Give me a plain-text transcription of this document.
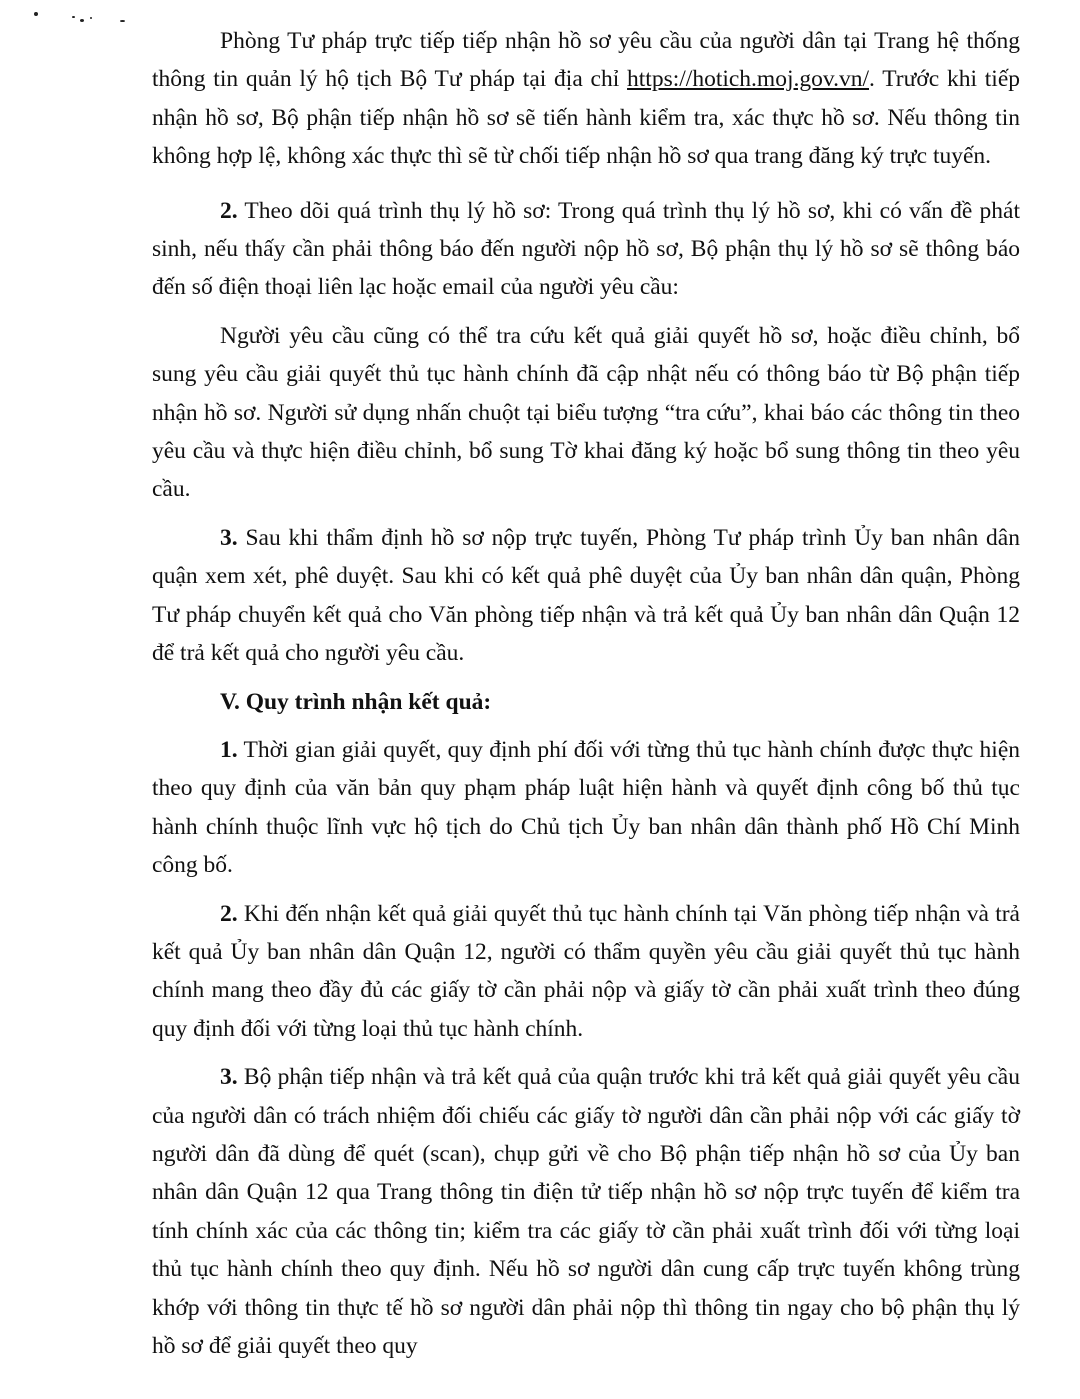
Phòng Tư pháp trực tiếp tiếp nhận hồ sơ yêu cầu của người dân tại Trang hệ thống thông tin quản lý hộ tịch Bộ Tư pháp tại địa chỉ https://hotich.moj.gov.vn/. Trước khi tiếp nhận hồ sơ, Bộ phận tiếp nhận hồ sơ sẽ tiến hành kiểm tra, xác thực hồ sơ. Nếu thông tin không hợp lệ, không xác thực thì sẽ từ chối tiếp nhận hồ sơ qua trang đăng ký trực tuyến.

2. Theo dõi quá trình thụ lý hồ sơ: Trong quá trình thụ lý hồ sơ, khi có vấn đề phát sinh, nếu thấy cần phải thông báo đến người nộp hồ sơ, Bộ phận thụ lý hồ sơ sẽ thông báo đến số điện thoại liên lạc hoặc email của người yêu cầu:

Người yêu cầu cũng có thể tra cứu kết quả giải quyết hồ sơ, hoặc điều chỉnh, bổ sung yêu cầu giải quyết thủ tục hành chính đã cập nhật nếu có thông báo từ Bộ phận tiếp nhận hồ sơ. Người sử dụng nhấn chuột tại biểu tượng “tra cứu”, khai báo các thông tin theo yêu cầu và thực hiện điều chỉnh, bổ sung Tờ khai đăng ký hoặc bổ sung thông tin theo yêu cầu.

3. Sau khi thẩm định hồ sơ nộp trực tuyến, Phòng Tư pháp trình Ủy ban nhân dân quận xem xét, phê duyệt. Sau khi có kết quả phê duyệt của Ủy ban nhân dân quận, Phòng Tư pháp chuyển kết quả cho Văn phòng tiếp nhận và trả kết quả Ủy ban nhân dân Quận 12 để trả kết quả cho người yêu cầu.

V. Quy trình nhận kết quả:

1. Thời gian giải quyết, quy định phí đối với từng thủ tục hành chính được thực hiện theo quy định của văn bản quy phạm pháp luật hiện hành và quyết định công bố thủ tục hành chính thuộc lĩnh vực hộ tịch do Chủ tịch Ủy ban nhân dân thành phố Hồ Chí Minh công bố.

2. Khi đến nhận kết quả giải quyết thủ tục hành chính tại Văn phòng tiếp nhận và trả kết quả Ủy ban nhân dân Quận 12, người có thẩm quyền yêu cầu giải quyết thủ tục hành chính mang theo đầy đủ các giấy tờ cần phải nộp và giấy tờ cần phải xuất trình theo đúng quy định đối với từng loại thủ tục hành chính.

3. Bộ phận tiếp nhận và trả kết quả của quận trước khi trả kết quả giải quyết yêu cầu của người dân có trách nhiệm đối chiếu các giấy tờ người dân cần phải nộp với các giấy tờ người dân đã dùng để quét (scan), chụp gửi về cho Bộ phận tiếp nhận hồ sơ của Ủy ban nhân dân Quận 12 qua Trang thông tin điện tử tiếp nhận hồ sơ nộp trực tuyến để kiểm tra tính chính xác của các thông tin; kiểm tra các giấy tờ cần phải xuất trình đối với từng loại thủ tục hành chính theo quy định. Nếu hồ sơ người dân cung cấp trực tuyến không trùng khớp với thông tin thực tế hồ sơ người dân phải nộp thì thông tin ngay cho bộ phận thụ lý hồ sơ để giải quyết theo quy
